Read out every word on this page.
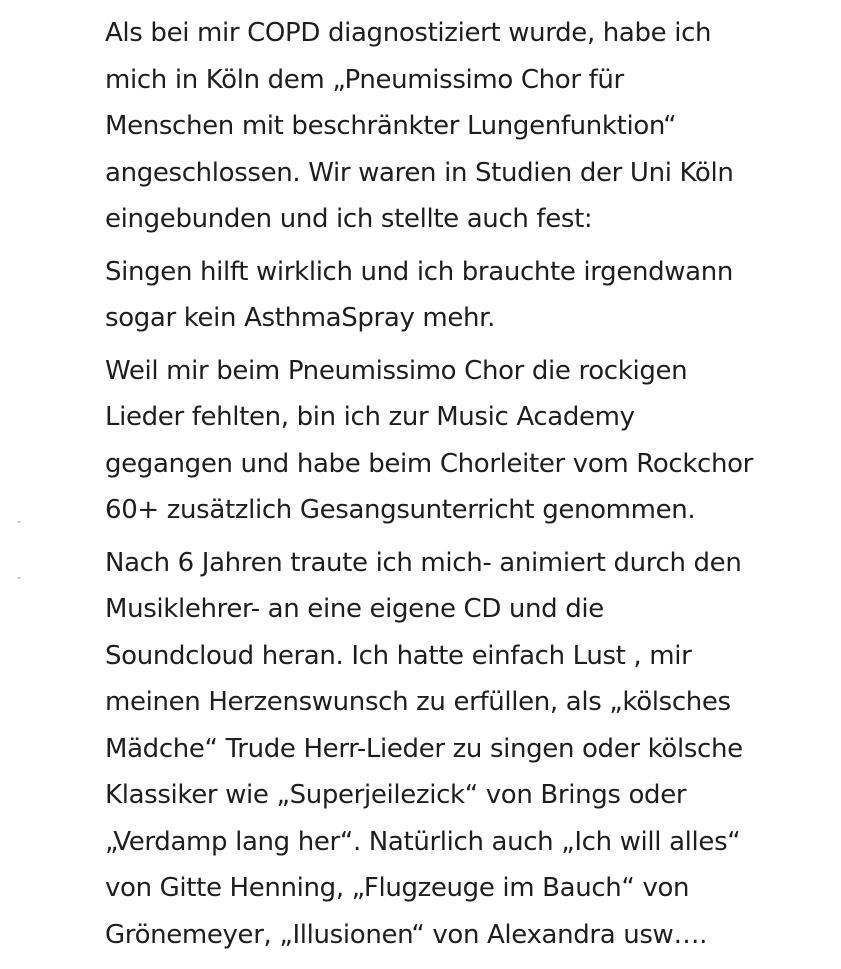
Als bei mir COPD diagnostiziert wurde, habe ich
mich in Köln dem „Pneumissimo Chor für
Menschen mit beschränkter Lungenfunktion“
angeschlossen. Wir waren in Studien der Uni Köln
eingebunden und ich stellte auch fest:

Singen hilft wirklich und ich brauchte irgendwann
sogar kein AsthmaSpray mehr.

Weil mir beim Pneumissimo Chor die rockigen
Lieder fehlten, bin ich zur Music Academy
gegangen und habe beim Chorleiter vom Rockchor
60+ zusätzlich Gesangsunterricht genommen.

Nach 6 Jahren traute ich mich- animiert durch den
Musiklehrer- an eine eigene CD und die
Soundcloud heran. Ich hatte einfach Lust , mir
meinen Herzenswunsch zu erfüllen, als „kölsches
Mädche“ Trude Herr-Lieder zu singen oder kölsche
Klassiker wie „Superjeilezick“ von Brings oder
„Verdamp lang her“. Natürlich auch „Ich will alles“
von Gitte Henning, „Flugzeuge im Bauch“ von
Grönemeyer, „Illusionen“ von Alexandra usw….
